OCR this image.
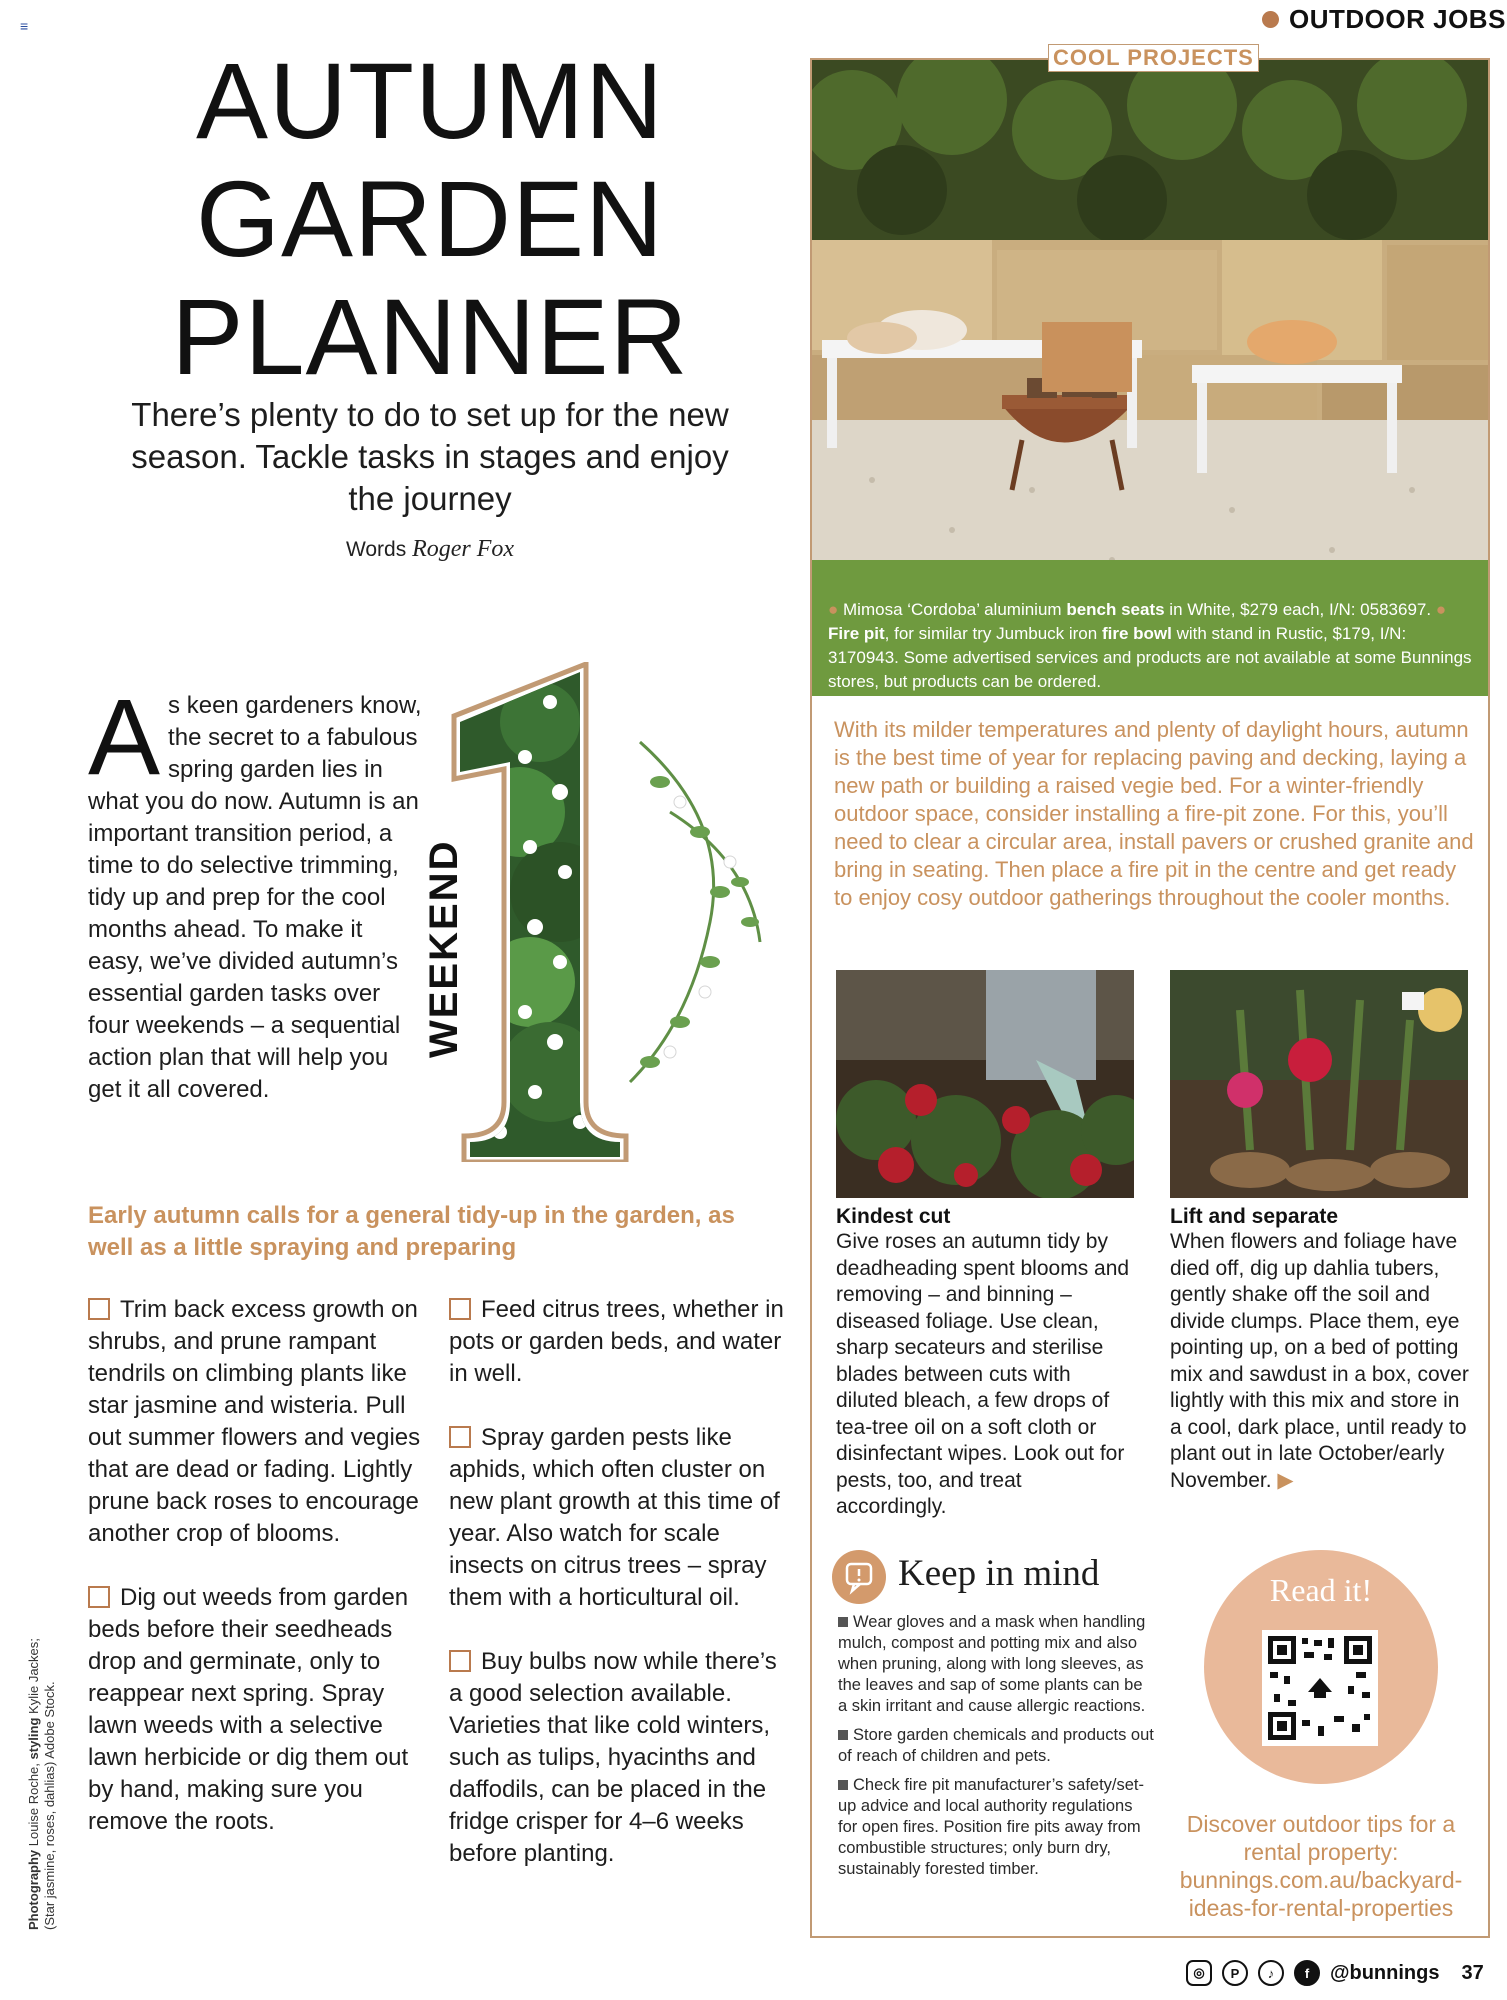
≡	OUTDOOR JOBS
AUTUMN
GARDEN
PLANNER
There’s plenty to do to set up for the new season. Tackle tasks in stages and enjoy the journey
Words Roger Fox
A s keen gardeners know, the secret to a fabulous spring garden lies in what you do now. Autumn is an important transition period, a time to do selective trimming, tidy up and prep for the cool months ahead. To make it easy, we’ve divided autumn’s essential garden tasks over four weekends – a sequential action plan that will help you get it all covered.
WEEKEND
Early autumn calls for a general tidy-up in the garden, as well as a little spraying and preparing
Trim back excess growth on shrubs, and prune rampant tendrils on climbing plants like star jasmine and wisteria. Pull out summer flowers and vegies that are dead or fading. Lightly prune back roses to encourage another crop of blooms.
Dig out weeds from garden beds before their seedheads drop and germinate, only to reappear next spring. Spray lawn weeds with a selective lawn herbicide or dig them out by hand, making sure you remove the roots.
Feed citrus trees, whether in pots or garden beds, and water in well.
Spray garden pests like aphids, which often cluster on new plant growth at this time of year. Also watch for scale insects on citrus trees – spray them with a horticultural oil.
Buy bulbs now while there’s a good selection available. Varieties that like cold winters, such as tulips, hyacinths and daffodils, can be placed in the fridge crisper for 4–6 weeks before planting.
COOL PROJECTS
● Mimosa ‘Cordoba’ aluminium bench seats in White, $279 each, I/N: 0583697. ● Fire pit, for similar try Jumbuck iron fire bowl with stand in Rustic, $179, I/N: 3170943. Some advertised services and products are not available at some Bunnings stores, but products can be ordered.
With its milder temperatures and plenty of daylight hours, autumn is the best time of year for replacing paving and decking, laying a new path or building a raised vegie bed. For a winter-friendly outdoor space, consider installing a fire-pit zone. For this, you’ll need to clear a circular area, install pavers or crushed granite and bring in seating. Then place a fire pit in the centre and get ready to enjoy cosy outdoor gatherings throughout the cooler months.
Kindest cut
Give roses an autumn tidy by deadheading spent blooms and removing – and binning – diseased foliage. Use clean, sharp secateurs and sterilise blades between cuts with diluted bleach, a few drops of tea-tree oil on a soft cloth or disinfectant wipes. Look out for pests, too, and treat accordingly.
Lift and separate
When flowers and foliage have died off, dig up dahlia tubers, gently shake off the soil and divide clumps. Place them, eye pointing up, on a bed of potting mix and sawdust in a box, cover lightly with this mix and store in a cool, dark place, until ready to plant out in late October/early November. ▶
Keep in mind

Wear gloves and a mask when handling mulch, compost and potting mix and also when pruning, along with long sleeves, as the leaves and sap of some plants can be a skin irritant and cause allergic reactions.

Store garden chemicals and products out of reach of children and pets.

Check fire pit manufacturer’s safety/set-up advice and local authority regulations for open fires. Position fire pits away from combustible structures; only burn dry, sustainably forested timber.

Read it!
Discover outdoor tips for a rental property: bunnings.com.au/backyard-ideas-for-rental-properties
◎	P	♪	f	@bunnings 37
Photography Louise Roche, styling Kylie Jackes;
(Star jasmine, roses, dahlias) Adobe Stock.
